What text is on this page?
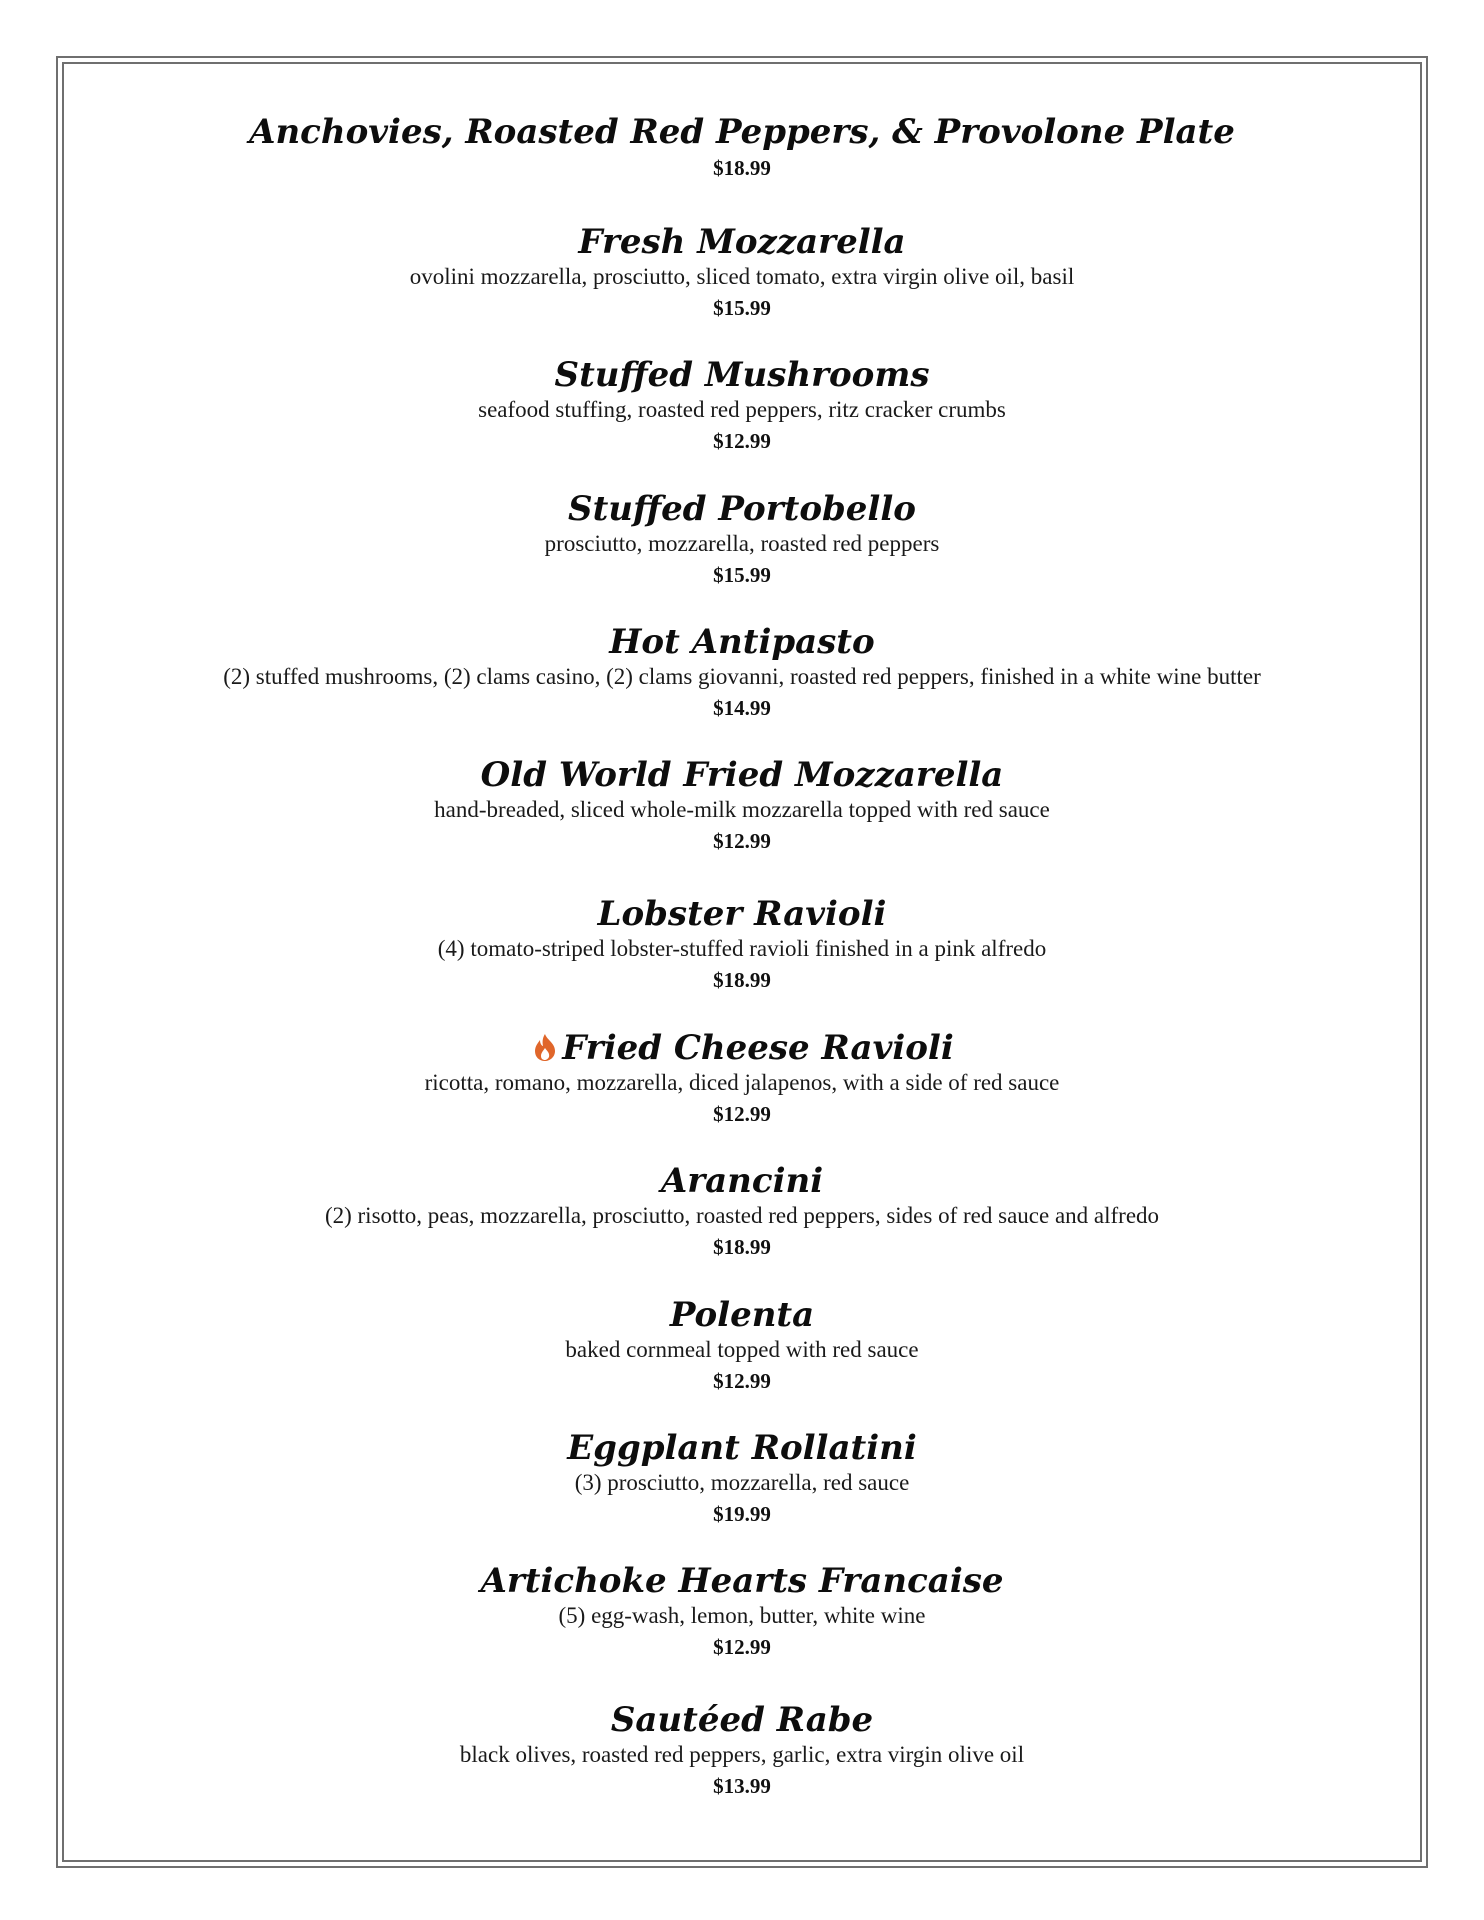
Anchovies, Roasted Red Peppers, & Provolone Plate
$18.99
Fresh Mozzarella
ovolini mozzarella, prosciutto, sliced tomato, extra virgin olive oil, basil
$15.99
Stuffed Mushrooms
seafood stuffing, roasted red peppers, ritz cracker crumbs
$12.99
Stuffed Portobello
prosciutto, mozzarella, roasted red peppers
$15.99
Hot Antipasto
(2) stuffed mushrooms, (2) clams casino, (2) clams giovanni, roasted red peppers, finished in a white wine butter
$14.99
Old World Fried Mozzarella
hand-breaded, sliced whole-milk mozzarella topped with red sauce
$12.99
Lobster Ravioli
(4) tomato-striped lobster-stuffed ravioli finished in a pink alfredo
$18.99
Fried Cheese Ravioli
ricotta, romano, mozzarella, diced jalapenos, with a side of red sauce
$12.99
Arancini
(2) risotto, peas, mozzarella, prosciutto, roasted red peppers, sides of red sauce and alfredo
$18.99
Polenta
baked cornmeal topped with red sauce
$12.99
Eggplant Rollatini
(3) prosciutto, mozzarella, red sauce
$19.99
Artichoke Hearts Francaise
(5) egg-wash, lemon, butter, white wine
$12.99
Sautéed Rabe
black olives, roasted red peppers, garlic, extra virgin olive oil
$13.99
